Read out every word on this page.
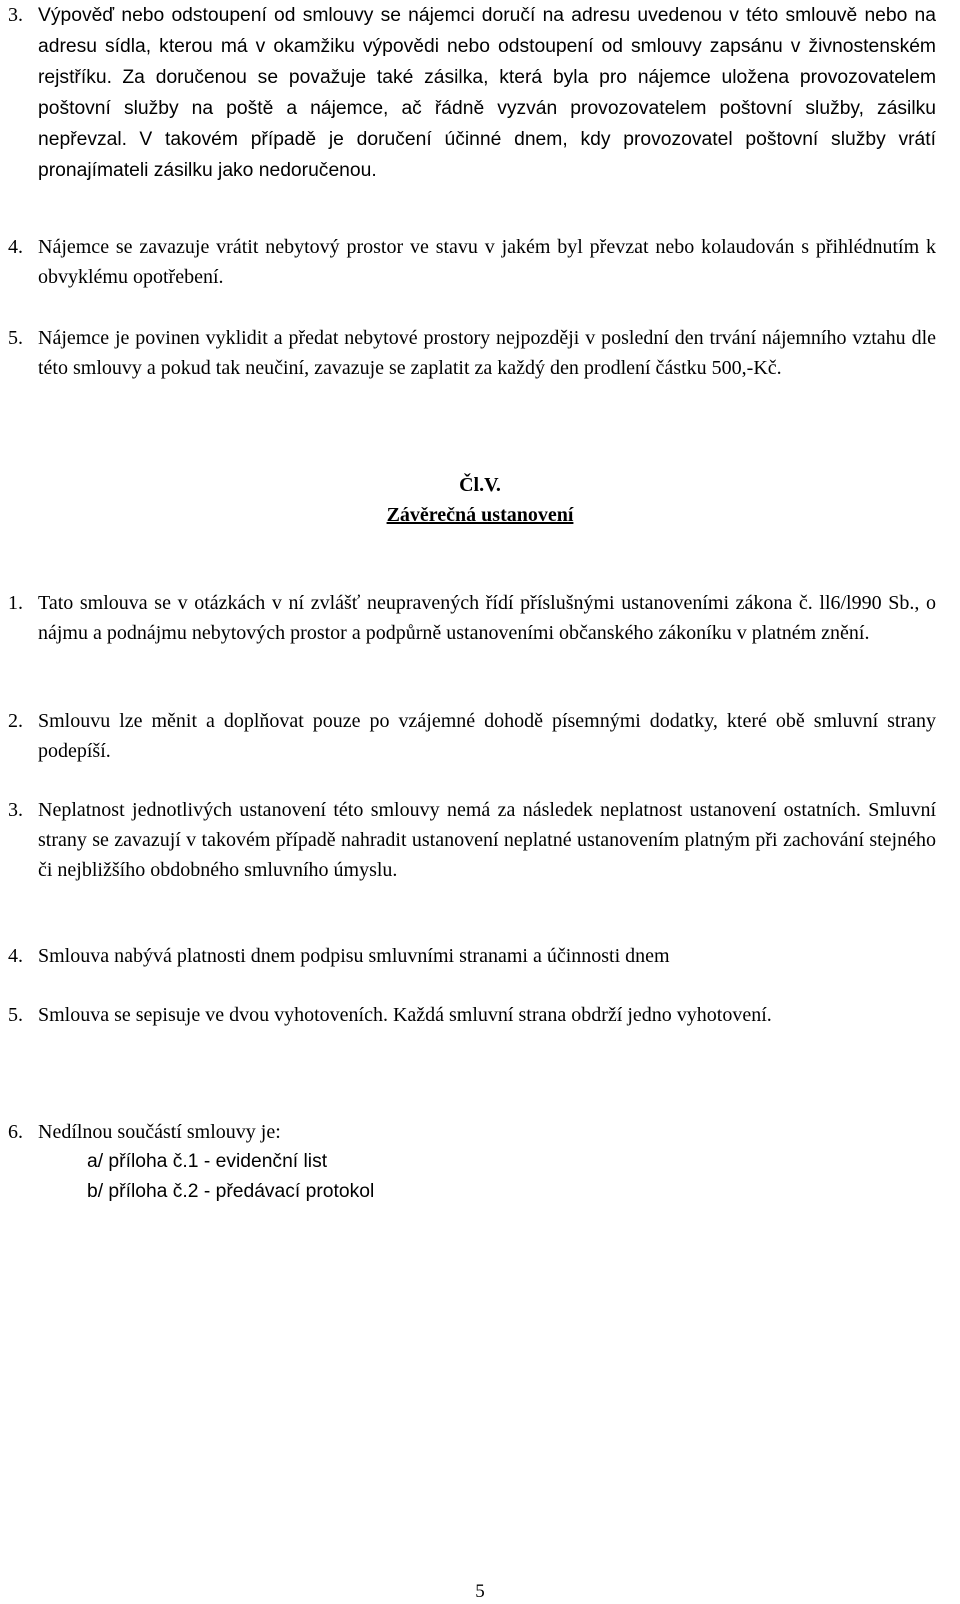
3. Výpověď nebo odstoupení od smlouvy se nájemci doručí na adresu uvedenou v této smlouvě nebo na adresu sídla, kterou má v okamžiku výpovědi nebo odstoupení od smlouvy zapsánu v živnostenském rejstříku. Za doručenou se považuje také zásilka, která byla pro nájemce uložena provozovatelem poštovní služby na poště a nájemce, ač řádně vyzván provozovatelem poštovní služby, zásilku nepřevzal. V takovém případě je doručení účinné dnem, kdy provozovatel poštovní služby vrátí pronajímateli zásilku jako nedoručenou.
4. Nájemce se zavazuje vrátit nebytový prostor ve stavu v jakém byl převzat nebo kolaudován s přihlédnutím k obvyklému opotřebení.
5. Nájemce je povinen vyklidit a předat nebytové prostory nejpozději v poslední den trvání nájemního vztahu dle této smlouvy a pokud tak neučiní, zavazuje se zaplatit za každý den prodlení částku 500,-Kč.

Čl.V.

Závěrečná ustanovení

1. Tato smlouva se v otázkách v ní zvlášť neupravených řídí příslušnými ustanoveními zákona č. ll6/l990 Sb., o nájmu a podnájmu nebytových prostor a podpůrně ustanoveními občanského zákoníku v platném znění.
2. Smlouvu lze měnit a doplňovat pouze po vzájemné dohodě písemnými dodatky, které obě smluvní strany podepíší.
3. Neplatnost jednotlivých ustanovení této smlouvy nemá za následek neplatnost ustanovení ostatních. Smluvní strany se zavazují v takovém případě nahradit ustanovení neplatné ustanovením platným při zachování stejného či nejbližšího obdobného smluvního úmyslu.
4. Smlouva nabývá platnosti dnem podpisu smluvními stranami a účinnosti dnem
5. Smlouva se sepisuje ve dvou vyhotoveních. Každá smluvní strana obdrží jedno vyhotovení.
6. Nedílnou součástí smlouvy je:

a/ příloha č.1 - evidenční list

b/ příloha č.2 - předávací protokol

5
